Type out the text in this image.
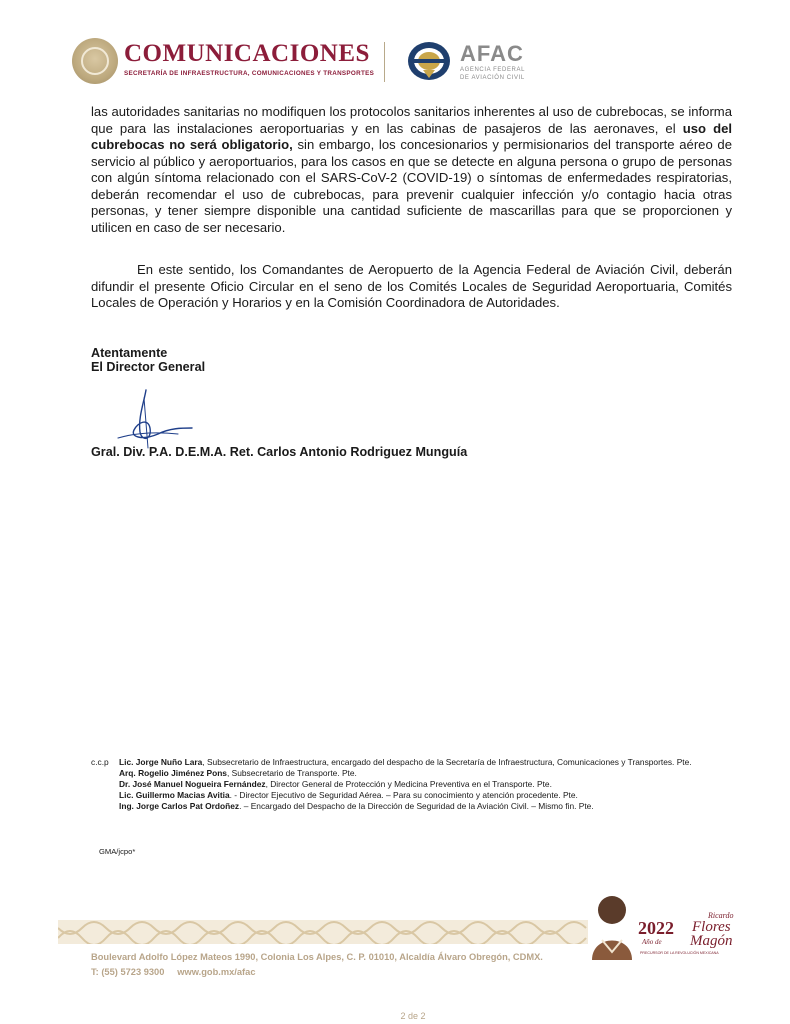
COMUNICACIONES
SECRETARÍA DE INFRAESTRUCTURA, COMUNICACIONES Y TRANSPORTES
AFAC
AGENCIA FEDERAL
DE AVIACIÓN CIVIL

las autoridades sanitarias no modifiquen los protocolos sanitarios inherentes al uso de cubrebocas, se informa que para las instalaciones aeroportuarias y en las cabinas de pasajeros de las aeronaves, el uso del cubrebocas no será obligatorio, sin embargo, los concesionarios y permisionarios del transporte aéreo de servicio al público y aeroportuarios, para los casos en que se detecte en alguna persona o grupo de personas con algún síntoma relacionado con el SARS-CoV-2 (COVID-19) o síntomas de enfermedades respiratorias, deberán recomendar el uso de cubrebocas, para prevenir cualquier infección y/o contagio hacia otras personas, y tener siempre disponible una cantidad suficiente de mascarillas para que se proporcionen y utilicen en caso de ser necesario.

En este sentido, los Comandantes de Aeropuerto de la Agencia Federal de Aviación Civil, deberán difundir el presente Oficio Circular en el seno de los Comités Locales de Seguridad Aeroportuaria, Comités Locales de Operación y Horarios y en la Comisión Coordinadora de Autoridades.

Atentamente
El Director General
Gral. Div. P.A. D.E.M.A. Ret. Carlos Antonio Rodriguez Munguía
c.c.p Lic. Jorge Nuño Lara, Subsecretario de Infraestructura, encargado del despacho de la Secretaría de Infraestructura, Comunicaciones y Transportes. Pte.
Arq. Rogelio Jiménez Pons, Subsecretario de Transporte. Pte.
Dr. José Manuel Nogueira Fernández, Director General de Protección y Medicina Preventiva en el Transporte. Pte.
Lic. Guillermo Macias Avitia. - Director Ejecutivo de Seguridad Aérea. – Para su conocimiento y atención procedente. Pte.
Ing. Jorge Carlos Pat Ordoñez. – Encargado del Despacho de la Dirección de Seguridad de la Aviación Civil. – Mismo fin. Pte.
GMA/jcpo*
2022
Año de
Ricardo
Flores
Magón
PRECURSOR DE LA REVOLUCIÓN MEXICANA
Boulevard Adolfo López Mateos 1990, Colonia Los Alpes, C. P. 01010, Alcaldía Álvaro Obregón, CDMX.
T: (55) 5723 9300     www.gob.mx/afac
2 de 2
